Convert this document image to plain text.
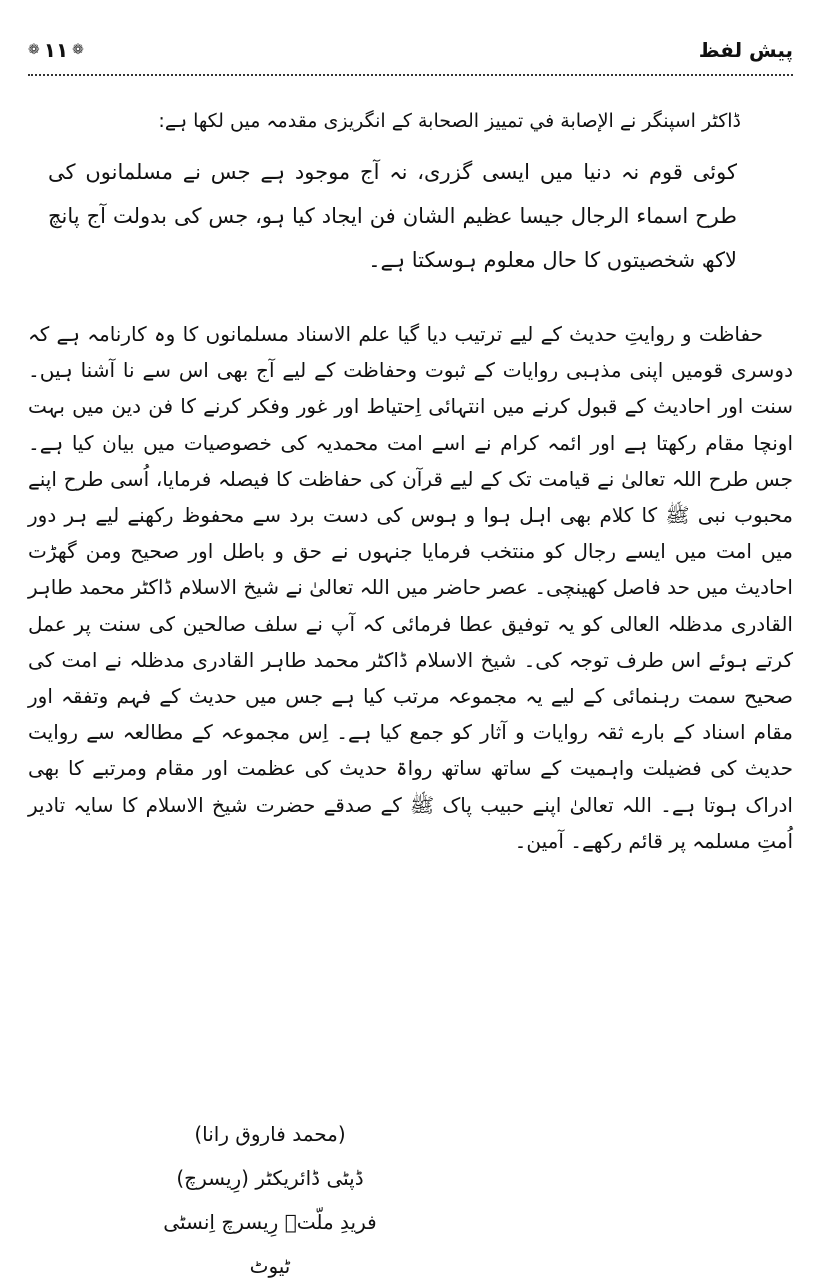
پیش لفظ
❁ ۱۱ ❁
ڈاکٹر اسپنگر نے الإصابة في تمییز الصحابة کے انگریزی مقدمہ میں لکھا ہے:
کوئی قوم نہ دنیا میں ایسی گزری، نہ آج موجود ہے جس نے مسلمانوں کی طرح اسماء الرجال جیسا عظیم الشان فن ایجاد کیا ہو، جس کی بدولت آج پانچ لاکھ شخصیتوں کا حال معلوم ہوسکتا ہے۔

حفاظت و روایتِ حدیث کے لیے ترتیب دیا گیا علم الاسناد مسلمانوں کا وہ کارنامہ ہے کہ دوسری قومیں اپنی مذہبی روایات کے ثبوت وحفاظت کے لیے آج بھی اس سے نا آشنا ہیں۔ سنت اور احادیث کے قبول کرنے میں انتہائی اِحتیاط اور غور وفکر کرنے کا فن دین میں بہت اونچا مقام رکھتا ہے اور ائمہ کرام نے اسے امت محمدیہ کی خصوصیات میں بیان کیا ہے۔ جس طرح اللہ تعالیٰ نے قیامت تک کے لیے قرآن کی حفاظت کا فیصلہ فرمایا، اُسی طرح اپنے محبوب نبی ﷺ کا کلام بھی اہل ہوا و ہوس کی دست برد سے محفوظ رکھنے لیے ہر دور میں امت میں ایسے رجال کو منتخب فرمایا جنہوں نے حق و باطل اور صحیح ومن گھڑت احادیث میں حد فاصل کھینچی۔ عصر حاضر میں اللہ تعالیٰ نے شیخ الاسلام ڈاکٹر محمد طاہر القادری مدظلہ العالی کو یہ توفیق عطا فرمائی کہ آپ نے سلف صالحین کی سنت پر عمل کرتے ہوئے اس طرف توجہ کی۔ شیخ الاسلام ڈاکٹر محمد طاہر القادری مدظلہ نے امت کی صحیح سمت رہنمائی کے لیے یہ مجموعہ مرتب کیا ہے جس میں حدیث کے فہم وتفقہ اور مقام اسناد کے بارے ثقہ روایات و آثار کو جمع کیا ہے۔ اِس مجموعہ کے مطالعہ سے روایت حدیث کی فضیلت واہمیت کے ساتھ ساتھ رواۃ حدیث کی عظمت اور مقام ومرتبے کا بھی ادراک ہوتا ہے۔ اللہ تعالیٰ اپنے حبیب پاک ﷺ کے صدقے حضرت شیخ الاسلام کا سایہ تادیر اُمتِ مسلمہ پر قائم رکھے۔ آمین۔

(محمد فاروق رانا)
ڈپٹی ڈائریکٹر (رِیسرچ)
فریدِ ملّتؒ رِیسرچ اِنسٹی ٹیوٹ
